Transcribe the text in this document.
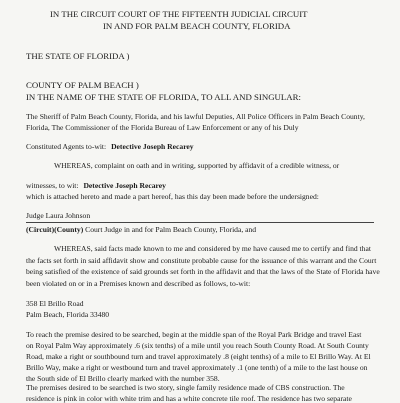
IN THE CIRCUIT COURT OF THE FIFTEENTH JUDICIAL CIRCUIT
IN AND FOR PALM BEACH COUNTY, FLORIDA
THE STATE OF FLORIDA )
COUNTY OF PALM BEACH )
IN THE NAME OF THE STATE OF FLORIDA, TO ALL AND SINGULAR:
The Sheriff of Palm Beach County, Florida, and his lawful Deputies, All Police Officers in Palm Beach County,
Florida, The Commissioner of the Florida Bureau of Law Enforcement or any of his Duly
Constituted Agents to-wit: Detective Joseph Recarey
WHEREAS, complaint on oath and in writing, supported by affidavit of a credible witness, or
witnesses, to wit: Detective Joseph Recarey
which is attached hereto and made a part hereof, has this day been made before the undersigned:
Judge Laura Johnson
(Circuit)(County) Court Judge in and for Palm Beach County, Florida, and
WHEREAS, said facts made known to me and considered by me have caused me to certify and find that
the facts set forth in said affidavit show and constitute probable cause for the issuance of this warrant and the Court
being satisfied of the existence of said grounds set forth in the affidavit and that the laws of the State of Florida have
been violated on or in a Premises known and described as follows, to-wit:
358 El Brillo Road
Palm Beach, Florida 33480
To reach the premise desired to be searched, begin at the middle span of the Royal Park Bridge and travel East
on Royal Palm Way approximately .6 (six tenths) of a mile until you reach South County Road. At South County
Road, make a right or southbound turn and travel approximately .8 (eight tenths) of a mile to El Brillo Way. At El
Brillo Way, make a right or westbound turn and travel approximately .1 (one tenth) of a mile to the last house on
the South side of El Brillo clearly marked with the number 358.
The premises desired to be searched is two story, single family residence made of CBS construction. The
residence is pink in color with white trim and has a white concrete tile roof. The residence has two separate
